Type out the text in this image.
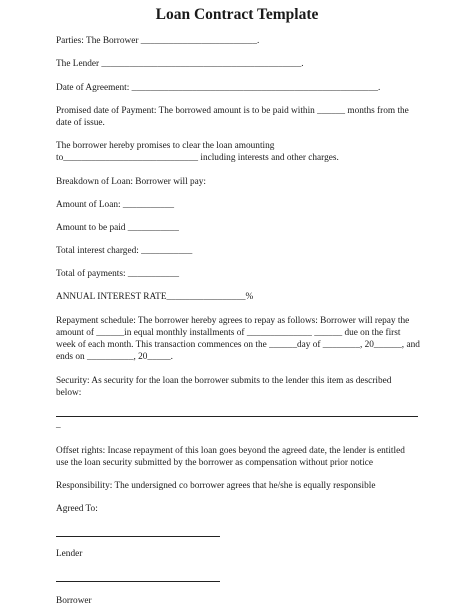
Loan Contract Template
Parties: The Borrower _________________________.
The Lender ___________________________________________.
Date of Agreement: _____________________________________________________.
Promised date of Payment: The borrowed amount is to be paid within ______ months from the
date of issue.
The borrower hereby promises to clear the loan amounting
to_____________________________ including interests and other charges.
Breakdown of Loan: Borrower will pay:
Amount of Loan: ___________
Amount to be paid ___________
Total interest charged: ___________
Total of payments: ___________
ANNUAL INTEREST RATE_________________%
Repayment schedule: The borrower hereby agrees to repay as follows: Borrower will repay the
amount of ______in equal monthly installments of ______________ ______ due on the first
week of each month. This transaction commences on the ______day of ________, 20______, and
ends on __________, 20_____.
Security: As security for the loan the borrower submits to the lender this item as described
below:
_
Offset rights: Incase repayment of this loan goes beyond the agreed date, the lender is entitled
use the loan security submitted by the borrower as compensation without prior notice
Responsibility: The undersigned co borrower agrees that he/she is equally responsible
Agreed To:
Lender
Borrower
